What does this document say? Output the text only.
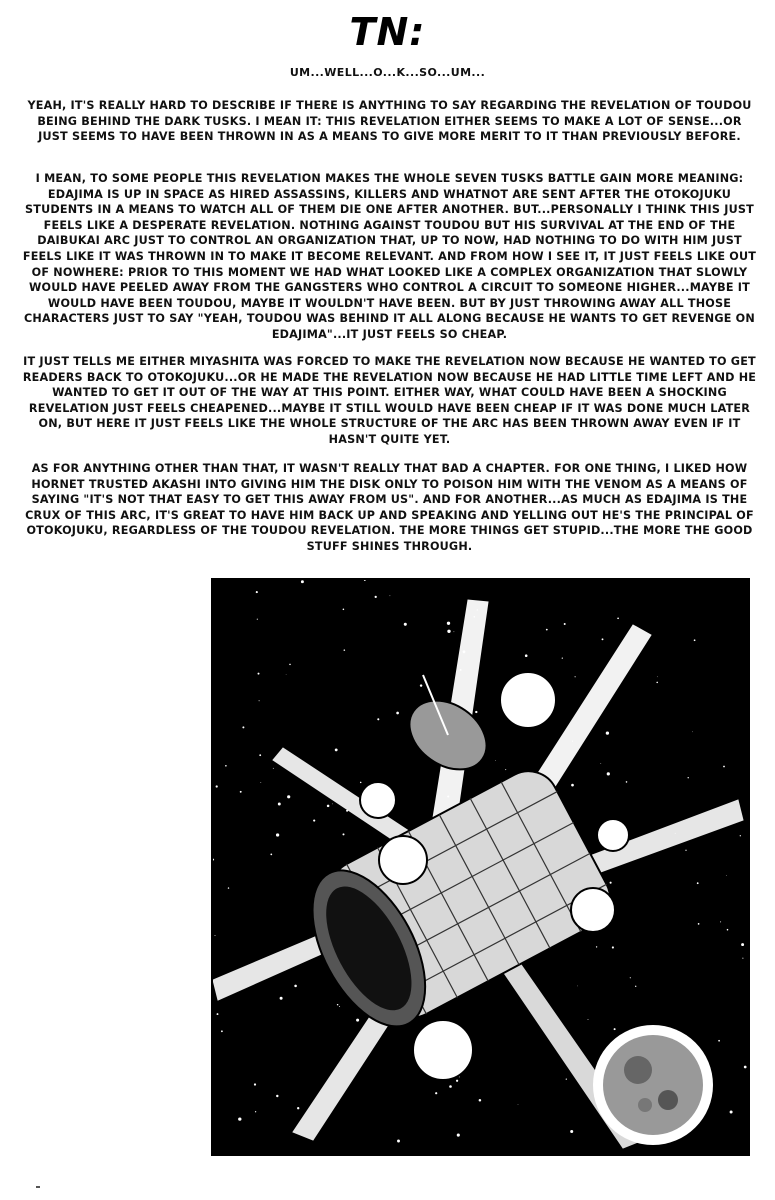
TN:
UM...WELL...O...K...SO...UM...

YEAH, IT'S REALLY HARD TO DESCRIBE IF THERE IS ANYTHING TO SAY REGARDING THE REVELATION OF TOUDOU BEING BEHIND THE DARK TUSKS. I MEAN IT: THIS REVELATION EITHER SEEMS TO MAKE A LOT OF SENSE...OR JUST SEEMS TO HAVE BEEN THROWN IN AS A MEANS TO GIVE MORE MERIT TO IT THAN PREVIOUSLY BEFORE.

I MEAN, TO SOME PEOPLE THIS REVELATION MAKES THE WHOLE SEVEN TUSKS BATTLE GAIN MORE MEANING: EDAJIMA IS UP IN SPACE AS HIRED ASSASSINS, KILLERS AND WHATNOT ARE SENT AFTER THE OTOKOJUKU STUDENTS IN A MEANS TO WATCH ALL OF THEM DIE ONE AFTER ANOTHER. BUT...PERSONALLY I THINK THIS JUST FEELS LIKE A DESPERATE REVELATION. NOTHING AGAINST TOUDOU BUT HIS SURVIVAL AT THE END OF THE DAIBUKAI ARC JUST TO CONTROL AN ORGANIZATION THAT, UP TO NOW, HAD NOTHING TO DO WITH HIM JUST FEELS LIKE IT WAS THROWN IN TO MAKE IT BECOME RELEVANT. AND FROM HOW I SEE IT, IT JUST FEELS LIKE OUT OF NOWHERE: PRIOR TO THIS MOMENT WE HAD WHAT LOOKED LIKE A COMPLEX ORGANIZATION THAT SLOWLY WOULD HAVE PEELED AWAY FROM THE GANGSTERS WHO CONTROL A CIRCUIT TO SOMEONE HIGHER...MAYBE IT WOULD HAVE BEEN TOUDOU, MAYBE IT WOULDN'T HAVE BEEN. BUT BY JUST THROWING AWAY ALL THOSE CHARACTERS JUST TO SAY "YEAH, TOUDOU WAS BEHIND IT ALL ALONG BECAUSE HE WANTS TO GET REVENGE ON EDAJIMA"...IT JUST FEELS SO CHEAP.

IT JUST TELLS ME EITHER MIYASHITA WAS FORCED TO MAKE THE REVELATION NOW BECAUSE HE WANTED TO GET READERS BACK TO OTOKOJUKU...OR HE MADE THE REVELATION NOW BECAUSE HE HAD LITTLE TIME LEFT AND HE WANTED TO GET IT OUT OF THE WAY AT THIS POINT. EITHER WAY, WHAT COULD HAVE BEEN A SHOCKING REVELATION JUST FEELS CHEAPENED...MAYBE IT STILL WOULD HAVE BEEN CHEAP IF IT WAS DONE MUCH LATER ON, BUT HERE IT JUST FEELS LIKE THE WHOLE STRUCTURE OF THE ARC HAS BEEN THROWN AWAY EVEN IF IT HASN'T QUITE YET.

AS FOR ANYTHING OTHER THAN THAT, IT WASN'T REALLY THAT BAD A CHAPTER. FOR ONE THING, I LIKED HOW HORNET TRUSTED AKASHI INTO GIVING HIM THE DISK ONLY TO POISON HIM WITH THE VENOM AS A MEANS OF SAYING "IT'S NOT THAT EASY TO GET THIS AWAY FROM US". AND FOR ANOTHER...AS MUCH AS EDAJIMA IS THE CRUX OF THIS ARC, IT'S GREAT TO HAVE HIM BACK UP AND SPEAKING AND YELLING OUT HE'S THE PRINCIPAL OF OTOKOJUKU, REGARDLESS OF THE TOUDOU REVELATION. THE MORE THINGS GET STUPID...THE MORE THE GOOD STUFF SHINES THROUGH.
